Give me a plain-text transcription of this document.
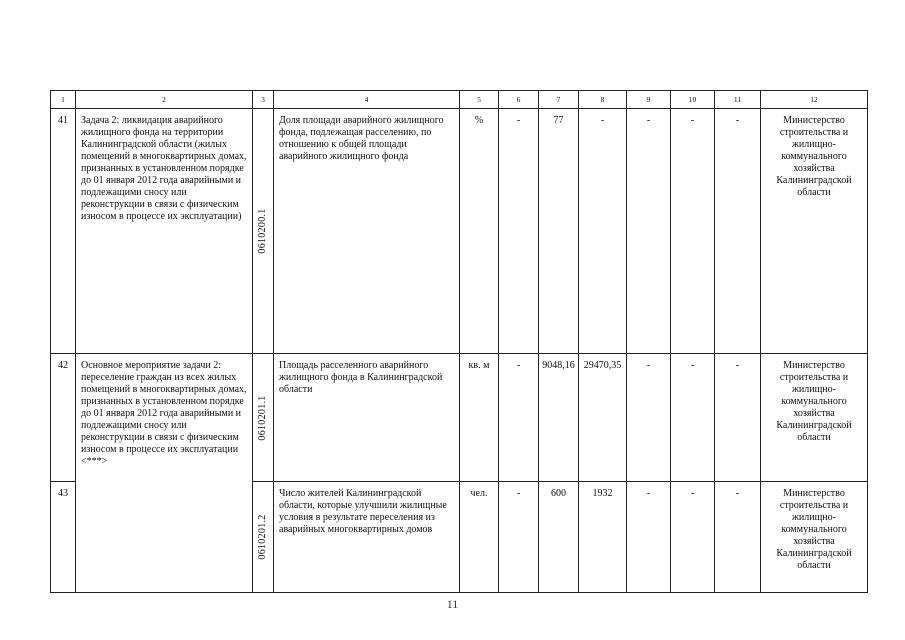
1	2	3	4	5	6	7	8	9	10	11	12
41	Задача 2: ликвидация аварийного жилищного фонда на территории Калининградской области (жилых помещений в многоквартирных домах, признанных в установленном порядке до 01 января 2012 года аварийными и подлежащими сносу или реконструкции в связи с физическим износом в процессе их эксплуатации)	0610200.1	Доля площади аварийного жилищного фонда, подлежащая расселению, по отношению к общей площади аварийного жилищного фонда	%	-	77	-	-	-	-	Министерство строительства и жилищно-коммунального хозяйства Калининградской области
42	Основное мероприятие задачи 2: переселение граждан из всех жилых помещений в многоквартирных домах, признанных в установленном порядке до 01 января 2012 года аварийными и подлежащими сносу или реконструкции в связи с физическим износом в процессе их эксплуатации <***>	0610201.1	Площадь расселенного аварийного жилищного фонда в Калининградской области	кв. м	-	9048,16	29470,35	-	-	-	Министерство строительства и жилищно-коммунального хозяйства Калининградской области
43		0610201.2	Число жителей Калининградской области, которые улучшили жилищные условия в результате переселения из аварийных многоквартирных домов	чел.	-	600	1932	-	-	-	Министерство строительства и жилищно-коммунального хозяйства Калининградской области
11
